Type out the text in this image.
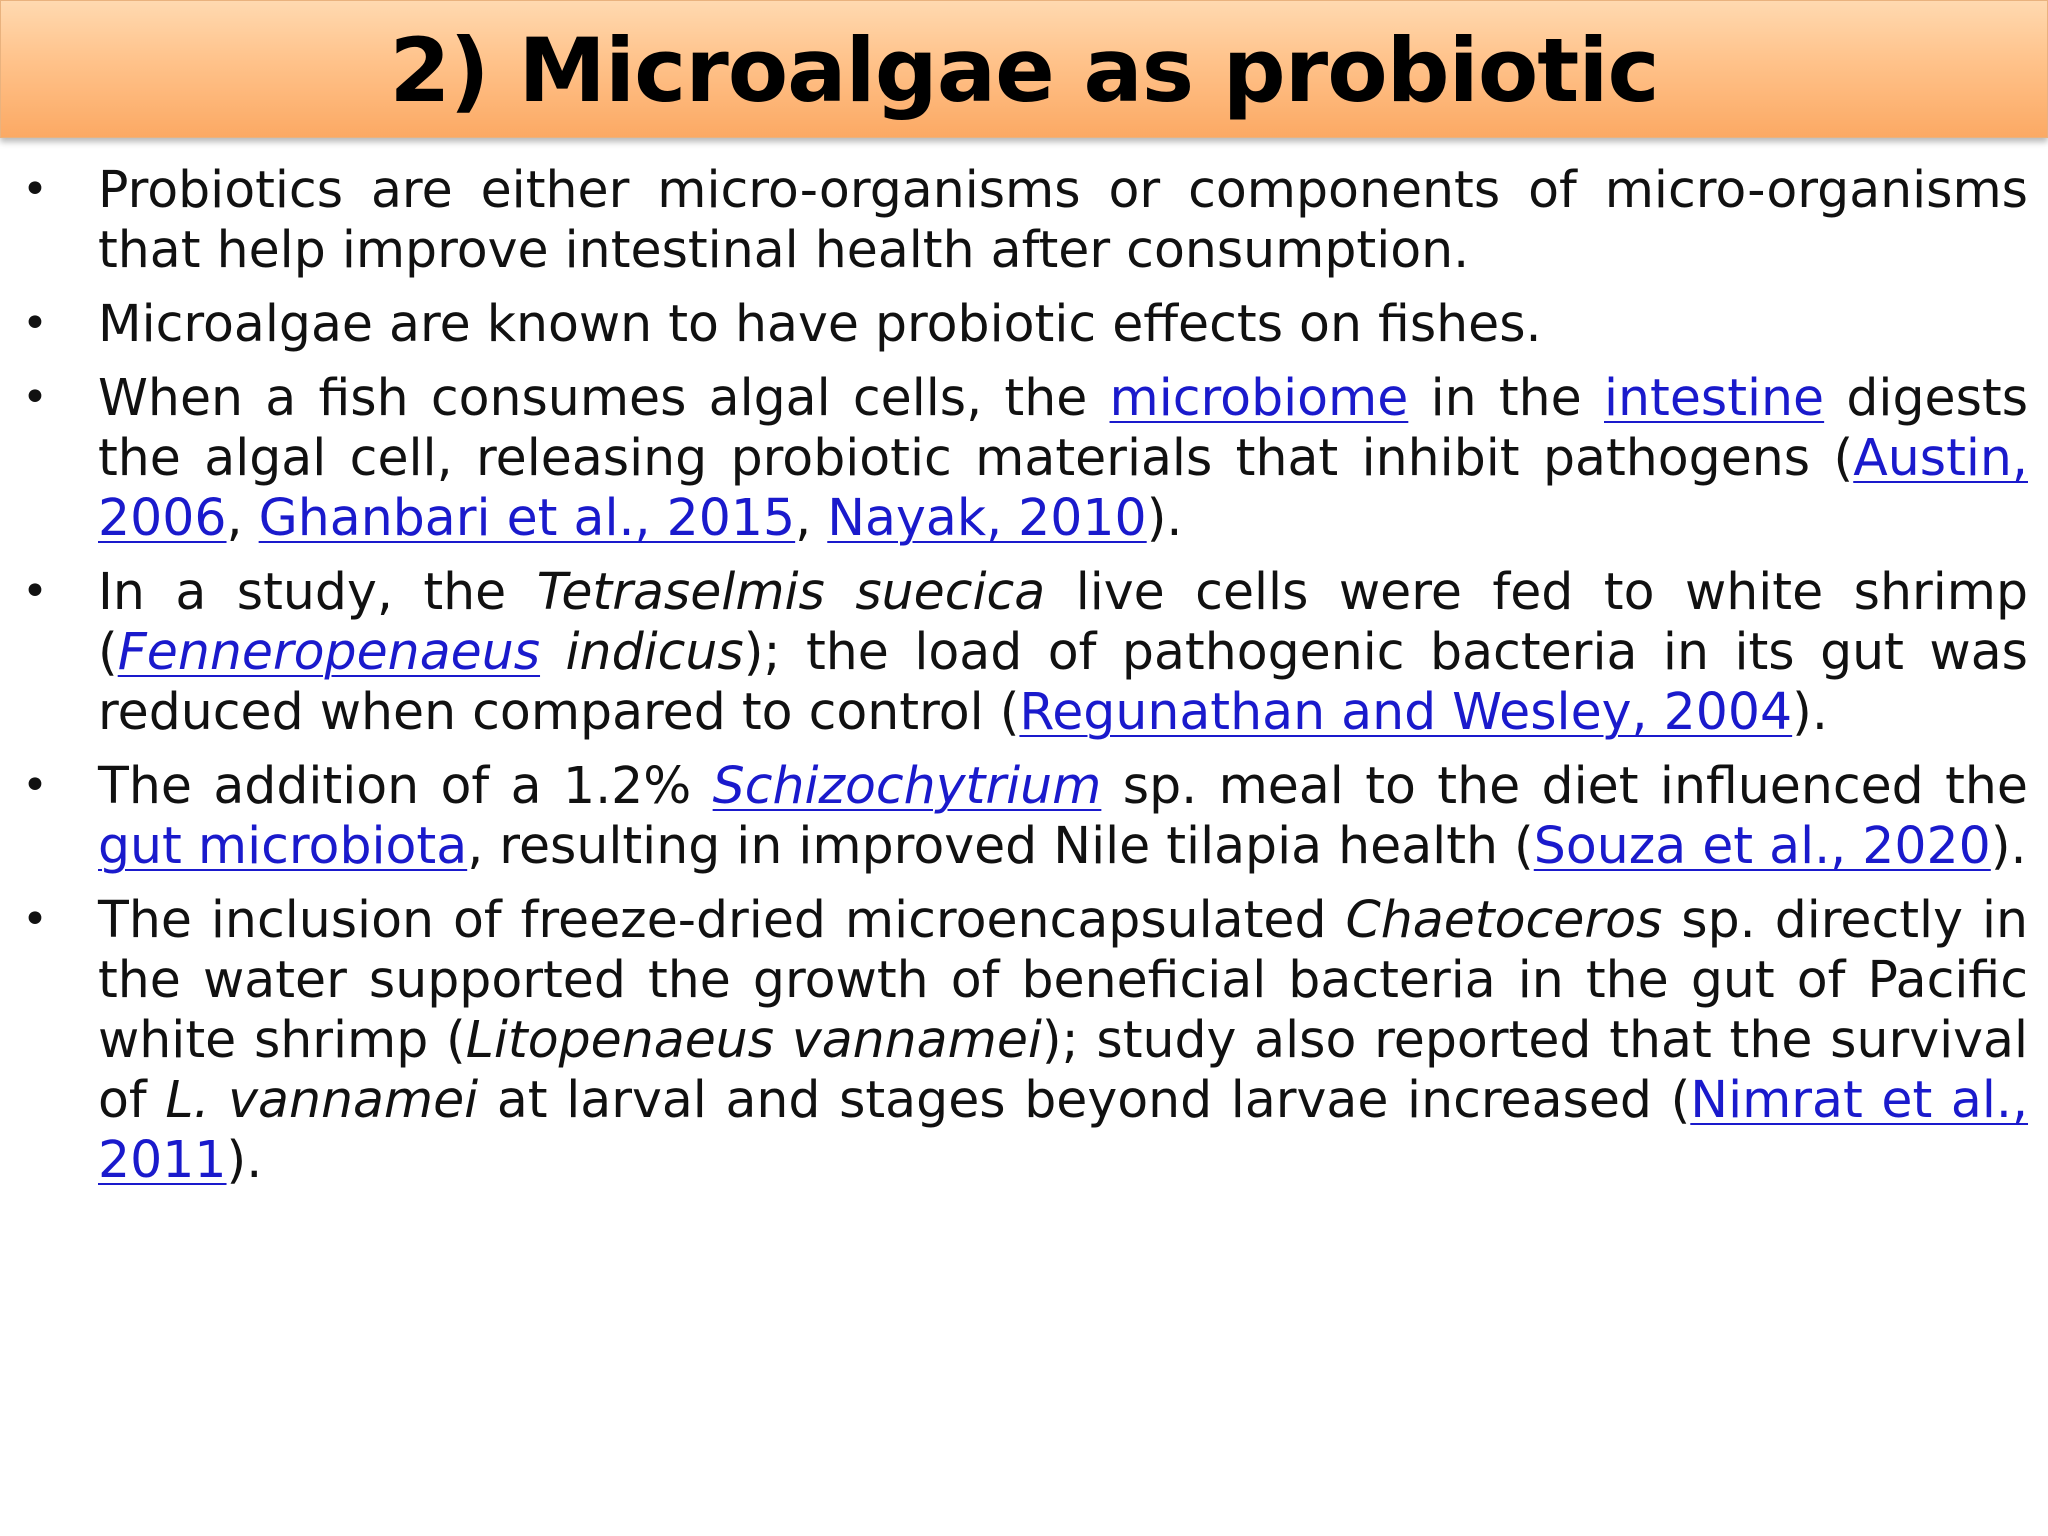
2) Microalgae as probiotic
• Probiotics are either micro-organisms or components of micro-organisms that help improve intestinal health after consumption.
• Microalgae are known to have probiotic effects on fishes.
• When a fish consumes algal cells, the microbiome in the intestine digests the algal cell, releasing probiotic materials that inhibit pathogens (Austin, 2006, Ghanbari et al., 2015, Nayak, 2010).
• In a study, the Tetraselmis suecica live cells were fed to white shrimp (Fenneropenaeus indicus); the load of pathogenic bacteria in its gut was reduced when compared to control (Regunathan and Wesley, 2004).
• The addition of a 1.2% Schizochytrium sp. meal to the diet influenced the gut microbiota, resulting in improved Nile tilapia health (Souza et al., 2020).
• The inclusion of freeze-dried microencapsulated Chaetoceros sp. directly in the water supported the growth of beneficial bacteria in the gut of Pacific white shrimp (Litopenaeus vannamei); study also reported that the survival of L. vannamei at larval and stages beyond larvae increased (Nimrat et al., 2011).
